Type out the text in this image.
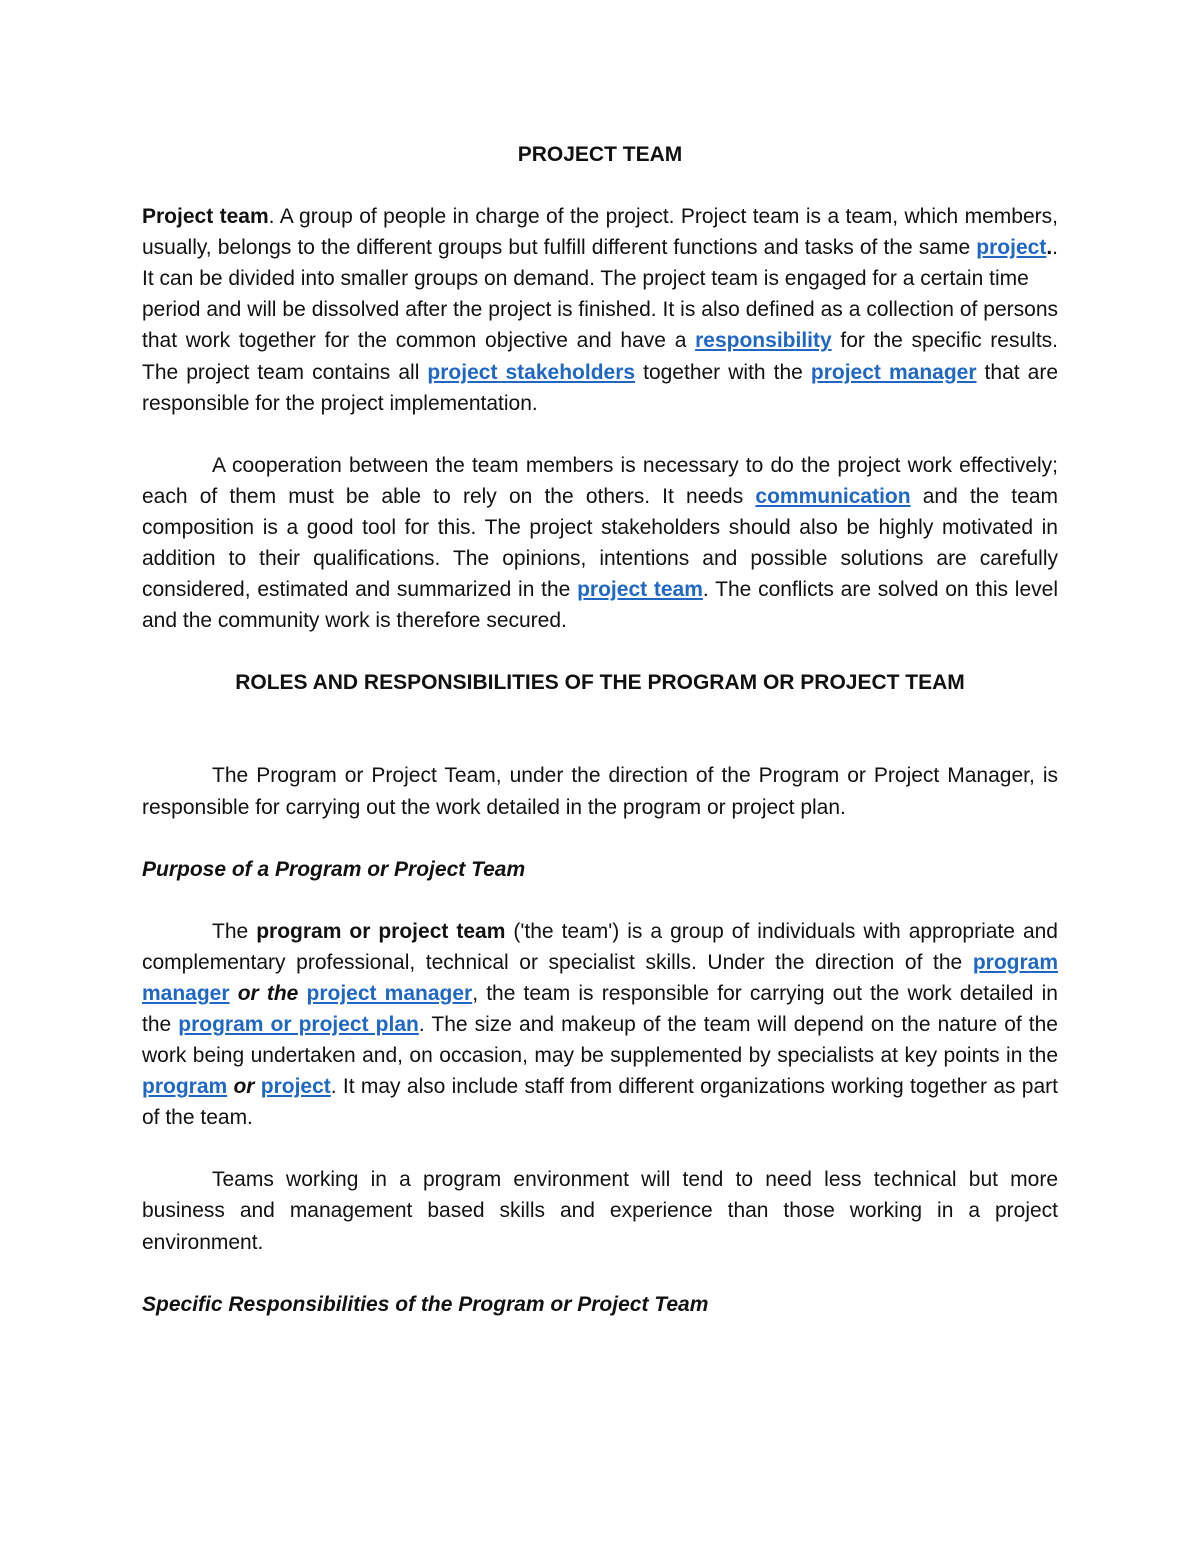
PROJECT TEAM

Project team. A group of people in charge of the project. Project team is a team, which members, usually, belongs to the different groups but fulfill different functions and tasks of the same project.. It can be divided into smaller groups on demand. The project team is engaged for a certain time

period and will be dissolved after the project is finished. It is also defined as a collection of persons that work together for the common objective and have a responsibility for the specific results. The project team contains all project stakeholders together with the project manager that are responsible for the project implementation.

A cooperation between the team members is necessary to do the project work effectively; each of them must be able to rely on the others. It needs communication and the team composition is a good tool for this. The project stakeholders should also be highly motivated in addition to their qualifications. The opinions, intentions and possible solutions are carefully considered, estimated and summarized in the project team. The conflicts are solved on this level and the community work is therefore secured.

ROLES AND RESPONSIBILITIES OF THE PROGRAM OR PROJECT TEAM

The Program or Project Team, under the direction of the Program or Project Manager, is responsible for carrying out the work detailed in the program or project plan.

Purpose of a Program or Project Team

The program or project team ('the team') is a group of individuals with appropriate and complementary professional, technical or specialist skills. Under the direction of the program manager or the project manager, the team is responsible for carrying out the work detailed in the program or project plan. The size and makeup of the team will depend on the nature of the work being undertaken and, on occasion, may be supplemented by specialists at key points in the program or project. It may also include staff from different organizations working together as part of the team.

Teams working in a program environment will tend to need less technical but more business and management based skills and experience than those working in a project environment.

Specific Responsibilities of the Program or Project Team
